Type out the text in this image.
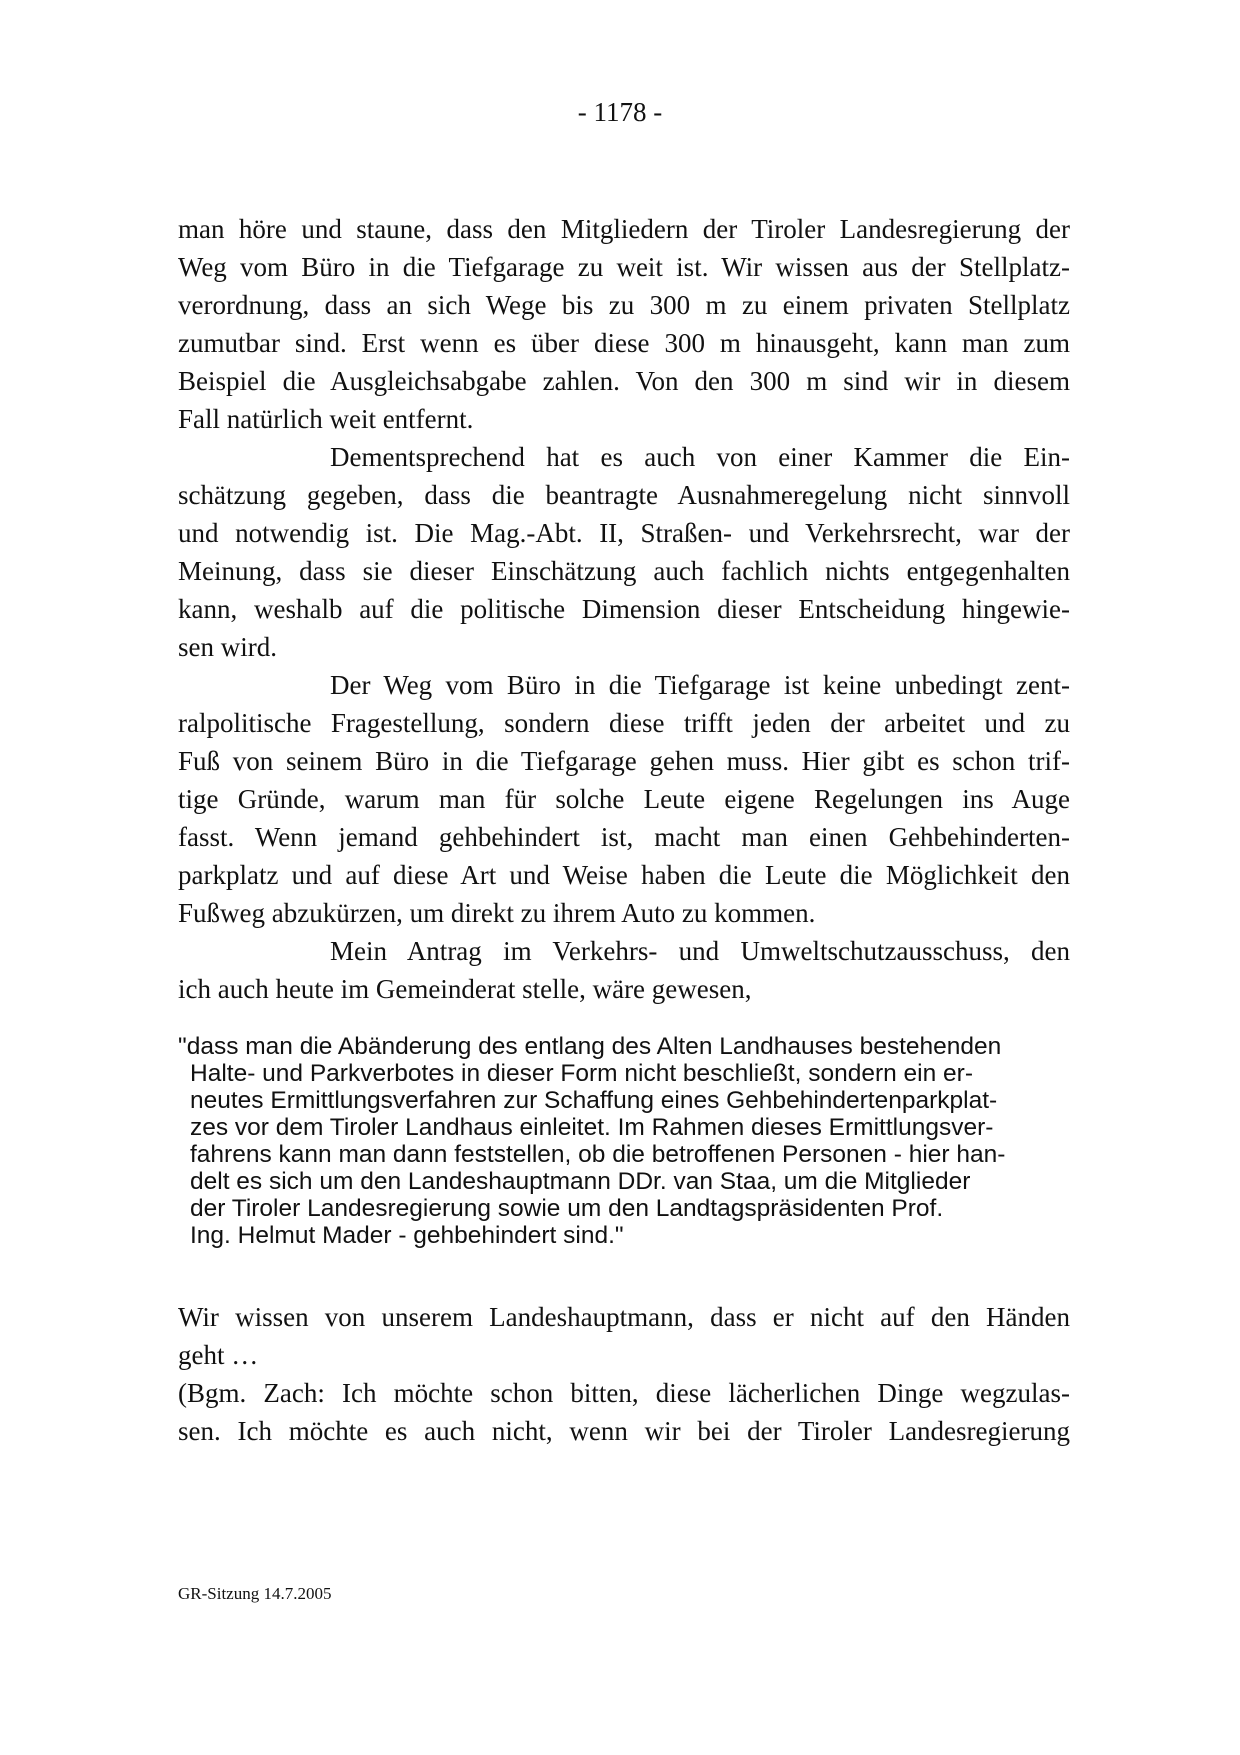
- 1178 -
man höre und staune, dass den Mitgliedern der Tiroler Landesregierung der
Weg vom Büro in die Tiefgarage zu weit ist. Wir wissen aus der Stellplatz-
verordnung, dass an sich Wege bis zu 300 m zu einem privaten Stellplatz
zumutbar sind. Erst wenn es über diese 300 m hinausgeht, kann man zum
Beispiel die Ausgleichsabgabe zahlen. Von den 300 m sind wir in diesem
Fall natürlich weit entfernt.
Dementsprechend hat es auch von einer Kammer die Ein-
schätzung gegeben, dass die beantragte Ausnahmeregelung nicht sinnvoll
und notwendig ist. Die Mag.-Abt. II, Straßen- und Verkehrsrecht, war der
Meinung, dass sie dieser Einschätzung auch fachlich nichts entgegenhalten
kann, weshalb auf die politische Dimension dieser Entscheidung hingewie-
sen wird.
Der Weg vom Büro in die Tiefgarage ist keine unbedingt zent-
ralpolitische Fragestellung, sondern diese trifft jeden der arbeitet und zu
Fuß von seinem Büro in die Tiefgarage gehen muss. Hier gibt es schon trif-
tige Gründe, warum man für solche Leute eigene Regelungen ins Auge
fasst. Wenn jemand gehbehindert ist, macht man einen Gehbehinderten-
parkplatz und auf diese Art und Weise haben die Leute die Möglichkeit den
Fußweg abzukürzen, um direkt zu ihrem Auto zu kommen.
Mein Antrag im Verkehrs- und Umweltschutzausschuss, den
ich auch heute im Gemeinderat stelle, wäre gewesen,
"dass man die Abänderung des entlang des Alten Landhauses bestehenden
Halte- und Parkverbotes in dieser Form nicht beschließt, sondern ein er-
neutes Ermittlungsverfahren zur Schaffung eines Gehbehindertenparkplat-
zes vor dem Tiroler Landhaus einleitet. Im Rahmen dieses Ermittlungsver-
fahrens kann man dann feststellen, ob die betroffenen Personen - hier han-
delt es sich um den Landeshauptmann DDr. van Staa, um die Mitglieder
der Tiroler Landesregierung sowie um den Landtagspräsidenten Prof.
Ing. Helmut Mader - gehbehindert sind."
Wir wissen von unserem Landeshauptmann, dass er nicht auf den Händen
geht …
(Bgm. Zach: Ich möchte schon bitten, diese lächerlichen Dinge wegzulas-
sen. Ich möchte es auch nicht, wenn wir bei der Tiroler Landesregierung
GR-Sitzung 14.7.2005
